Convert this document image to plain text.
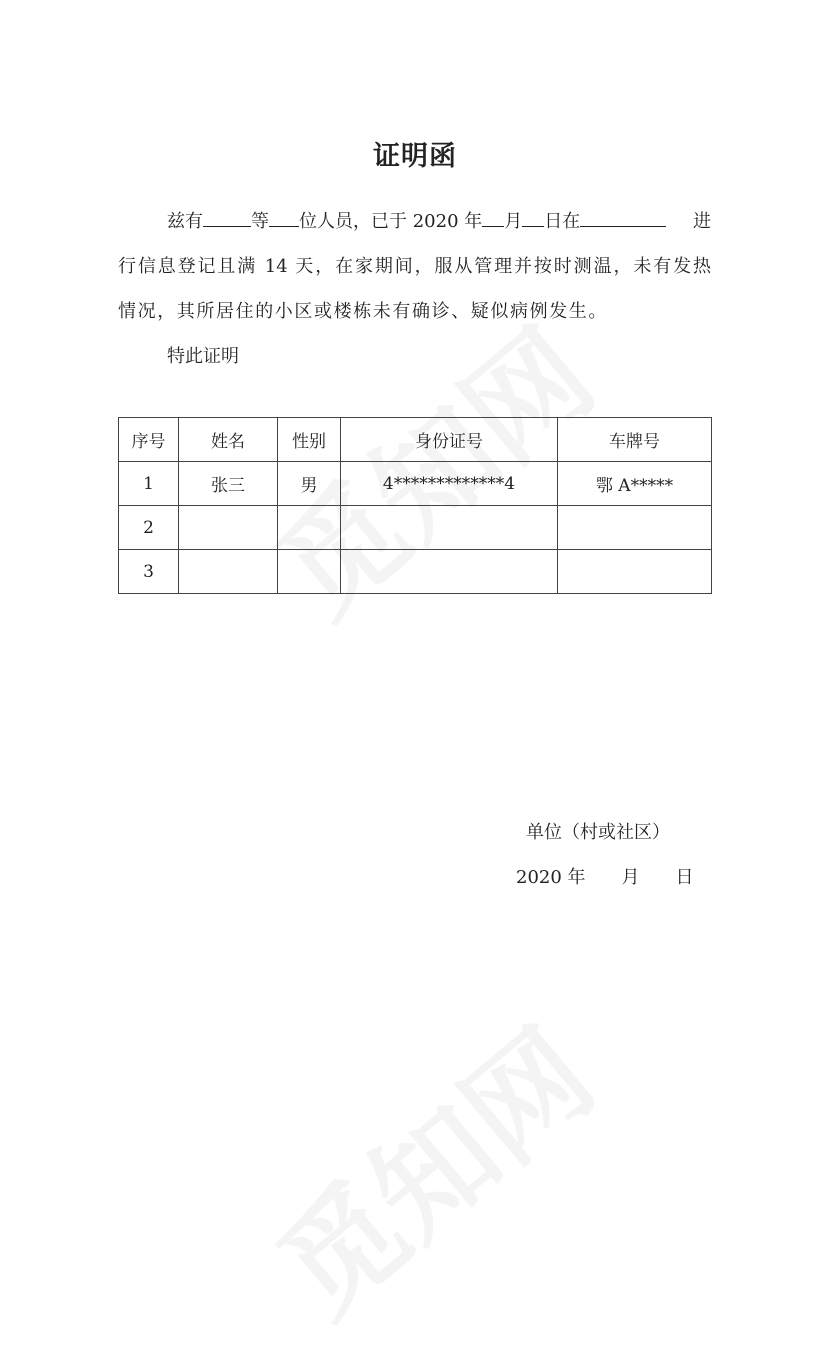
证明函
兹有	等 位人员，已于 2020 年 月 日在	进
行信息登记且满 14 天，在家期间，服从管理并按时测温，未有发热
情况，其所居住的小区或楼栋未有确诊、疑似病例发生。
特此证明
序号	姓名	性别	身份证号	车牌号
1	张三	男	4*************4	鄂 A*****
2				
3				
单位（村或社区）
2020 年　　月　　日
